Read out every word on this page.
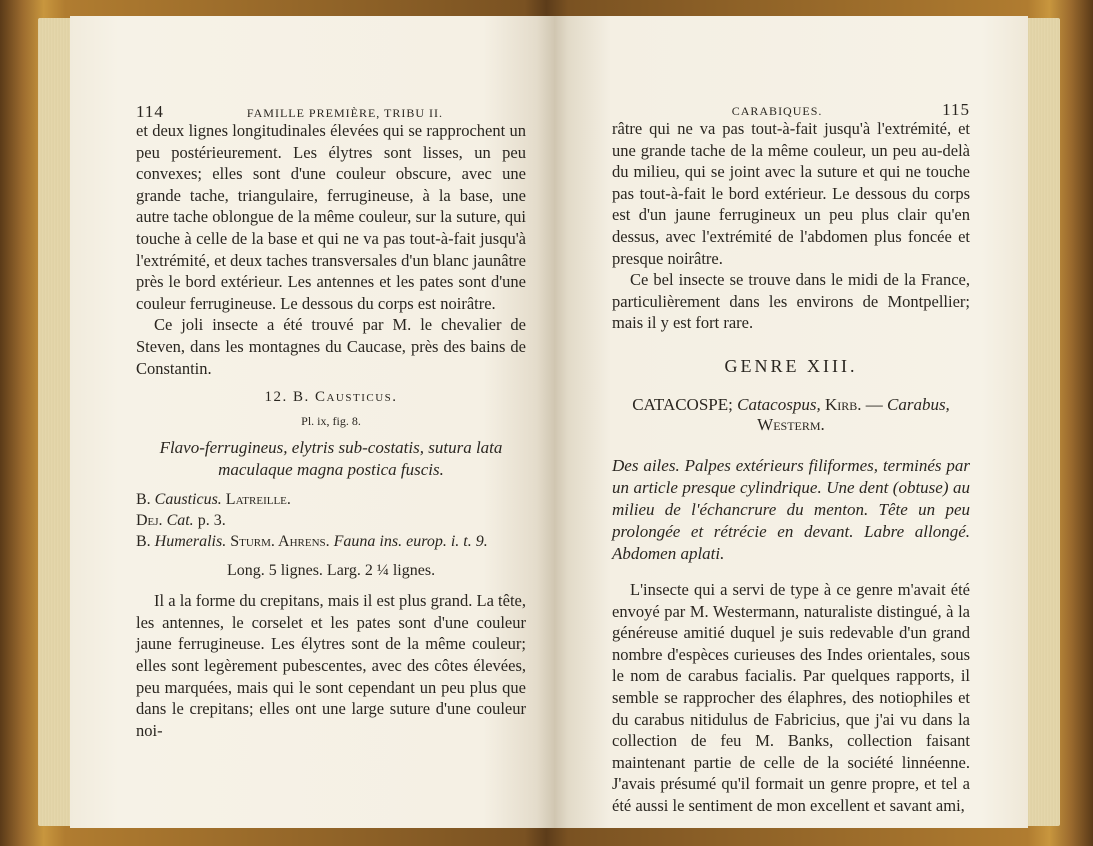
114	FAMILLE PREMIÈRE, TRIBU II.

et deux lignes longitudinales élevées qui se rapprochent un peu postérieurement. Les élytres sont lisses, un peu convexes; elles sont d'une couleur obscure, avec une grande tache, triangulaire, ferrugineuse, à la base, une autre tache oblongue de la même couleur, sur la suture, qui touche à celle de la base et qui ne va pas tout-à-fait jusqu'à l'extrémité, et deux taches transversales d'un blanc jaunâtre près le bord extérieur. Les antennes et les pates sont d'une couleur ferrugineuse. Le dessous du corps est noirâtre.

Ce joli insecte a été trouvé par M. le chevalier de Steven, dans les montagnes du Caucase, près des bains de Constantin.

12. B. Causticus.
Pl. ix, fig. 8.
Flavo-ferrugineus, elytris sub-costatis, sutura lata maculaque magna postica fuscis.

B. Causticus. Latreille.

Dej. Cat. p. 3.

B. Humeralis. Sturm. Ahrens. Fauna ins. europ. i. t. 9.

Long. 5 lignes. Larg. 2 ¼ lignes.

Il a la forme du crepitans, mais il est plus grand. La tête, les antennes, le corselet et les pates sont d'une couleur jaune ferrugineuse. Les élytres sont de la même couleur; elles sont legèrement pubescentes, avec des côtes élevées, peu marquées, mais qui le sont cependant un peu plus que dans le crepitans; elles ont une large suture d'une couleur noi-

CARABIQUES.	115

râtre qui ne va pas tout-à-fait jusqu'à l'extrémité, et une grande tache de la même couleur, un peu au-delà du milieu, qui se joint avec la suture et qui ne touche pas tout-à-fait le bord extérieur. Le dessous du corps est d'un jaune ferrugineux un peu plus clair qu'en dessus, avec l'extrémité de l'abdomen plus foncée et presque noirâtre.

Ce bel insecte se trouve dans le midi de la France, particulièrement dans les environs de Montpellier; mais il y est fort rare.

GENRE XIII.
CATACOSPE; Catacospus, Kirb. — Carabus,
Westerm.

Des ailes. Palpes extérieurs filiformes, terminés par un article presque cylindrique. Une dent (obtuse) au milieu de l'échancrure du menton. Tête un peu prolongée et rétrécie en devant. Labre allongé. Abdomen aplati.

L'insecte qui a servi de type à ce genre m'avait été envoyé par M. Westermann, naturaliste distingué, à la généreuse amitié duquel je suis redevable d'un grand nombre d'espèces curieuses des Indes orientales, sous le nom de carabus facialis. Par quelques rapports, il semble se rapprocher des élaphres, des notiophiles et du carabus nitidulus de Fabricius, que j'ai vu dans la collection de feu M. Banks, collection faisant maintenant partie de celle de la société linnéenne. J'avais présumé qu'il formait un genre propre, et tel a été aussi le sentiment de mon excellent et savant ami,
